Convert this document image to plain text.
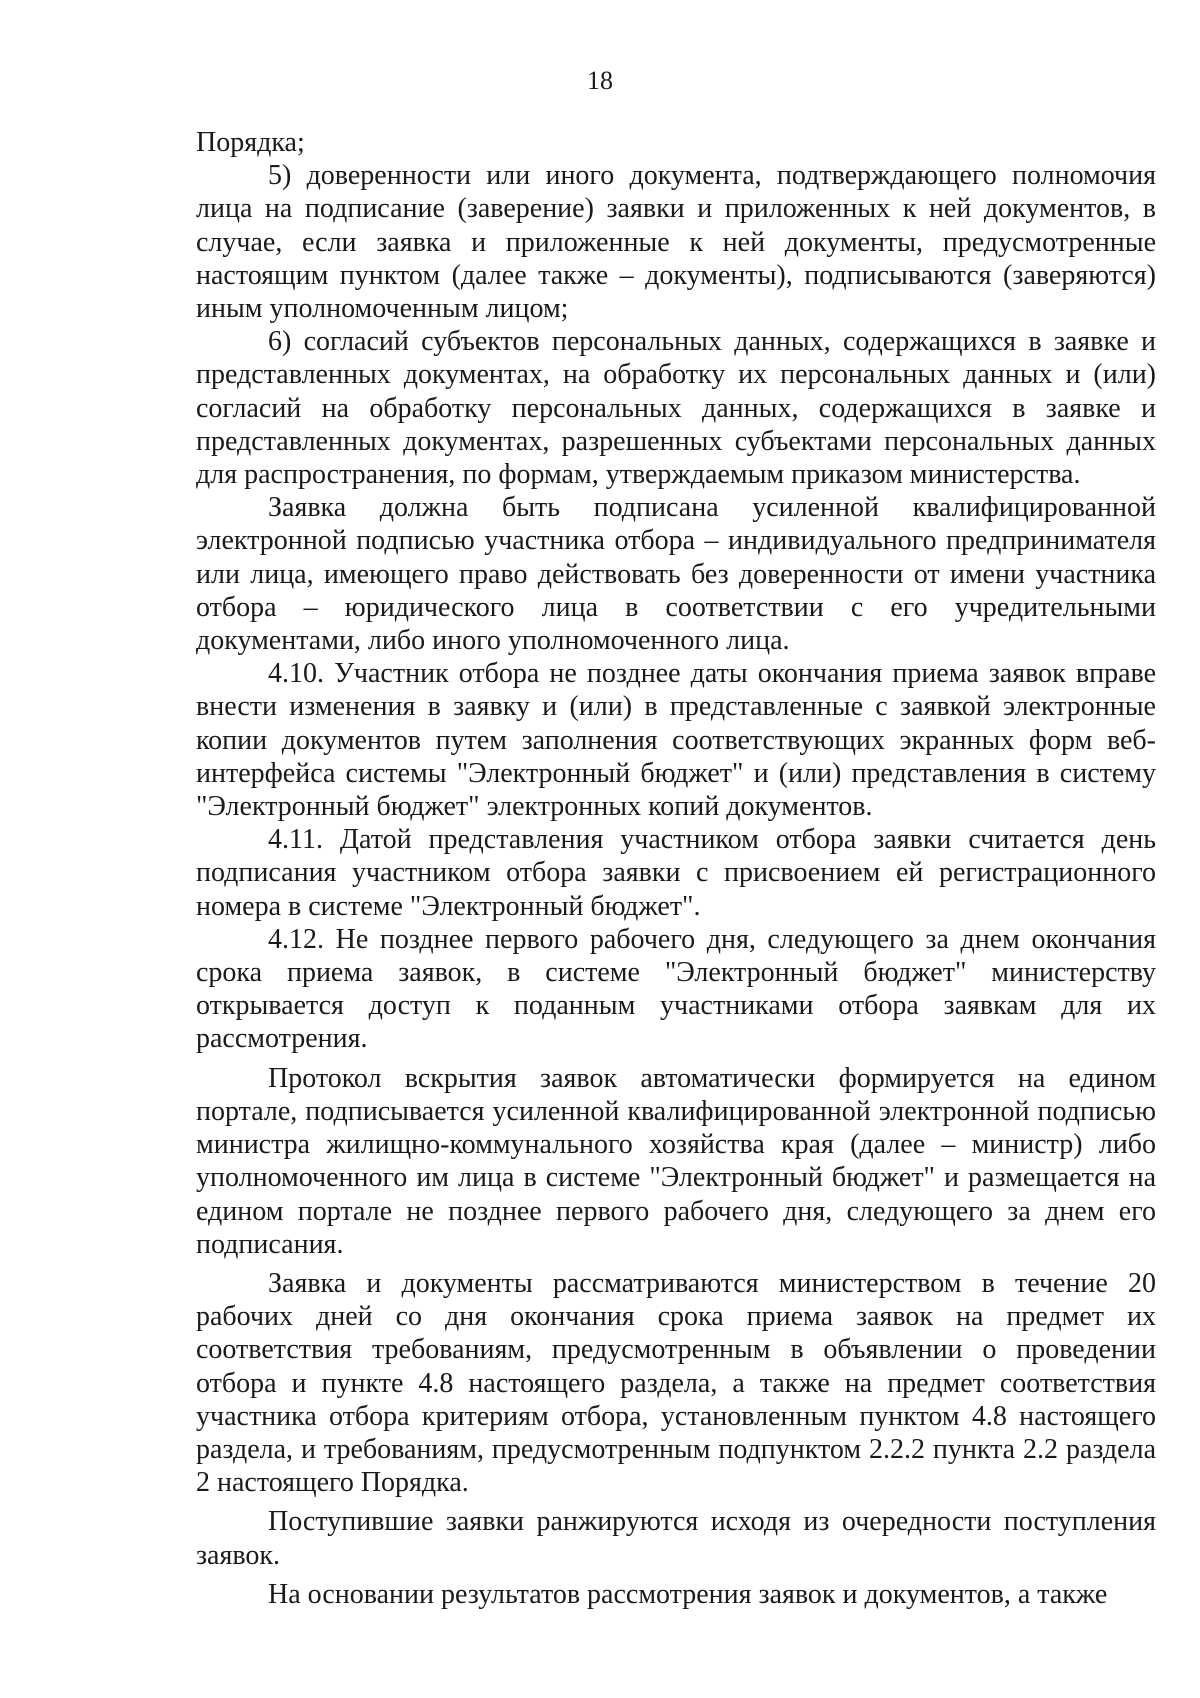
18

Порядка;

5) доверенности или иного документа, подтверждающего полномочия лица на подписание (заверение) заявки и приложенных к ней документов, в случае, если заявка и приложенные к ней документы, предусмотренные настоящим пунктом (далее также – документы), подписываются (заверяются) иным уполномоченным лицом;

6) согласий субъектов персональных данных, содержащихся в заявке и представленных документах, на обработку их персональных данных и (или) согласий на обработку персональных данных, содержащихся в заявке и представленных документах, разрешенных субъектами персональных данных для распространения, по формам, утверждаемым приказом министерства.

Заявка должна быть подписана усиленной квалифицированной электронной подписью участника отбора – индивидуального предпринимателя или лица, имеющего право действовать без доверенности от имени участника отбора – юридического лица в соответствии с его учредительными документами, либо иного уполномоченного лица.

4.10. Участник отбора не позднее даты окончания приема заявок вправе внести изменения в заявку и (или) в представленные с заявкой электронные копии документов путем заполнения соответствующих экранных форм веб-интерфейса системы "Электронный бюджет" и (или) представления в систему "Электронный бюджет" электронных копий документов.

4.11. Датой представления участником отбора заявки считается день подписания участником отбора заявки с присвоением ей регистрационного номера в системе "Электронный бюджет".

4.12. Не позднее первого рабочего дня, следующего за днем окончания срока приема заявок, в системе "Электронный бюджет" министерству открывается доступ к поданным участниками отбора заявкам для их рассмотрения.

Протокол вскрытия заявок автоматически формируется на едином портале, подписывается усиленной квалифицированной электронной подписью министра жилищно-коммунального хозяйства края (далее – министр) либо уполномоченного им лица в системе "Электронный бюджет" и размещается на едином портале не позднее первого рабочего дня, следующего за днем его подписания.

Заявка и документы рассматриваются министерством в течение 20 рабочих дней со дня окончания срока приема заявок на предмет их соответствия требованиям, предусмотренным в объявлении о проведении отбора и пункте 4.8 настоящего раздела, а также на предмет соответствия участника отбора критериям отбора, установленным пунктом 4.8 настоящего раздела, и требованиям, предусмотренным подпунктом 2.2.2 пункта 2.2 раздела 2 настоящего Порядка.

Поступившие заявки ранжируются исходя из очередности поступления заявок.

На основании результатов рассмотрения заявок и документов, а также
